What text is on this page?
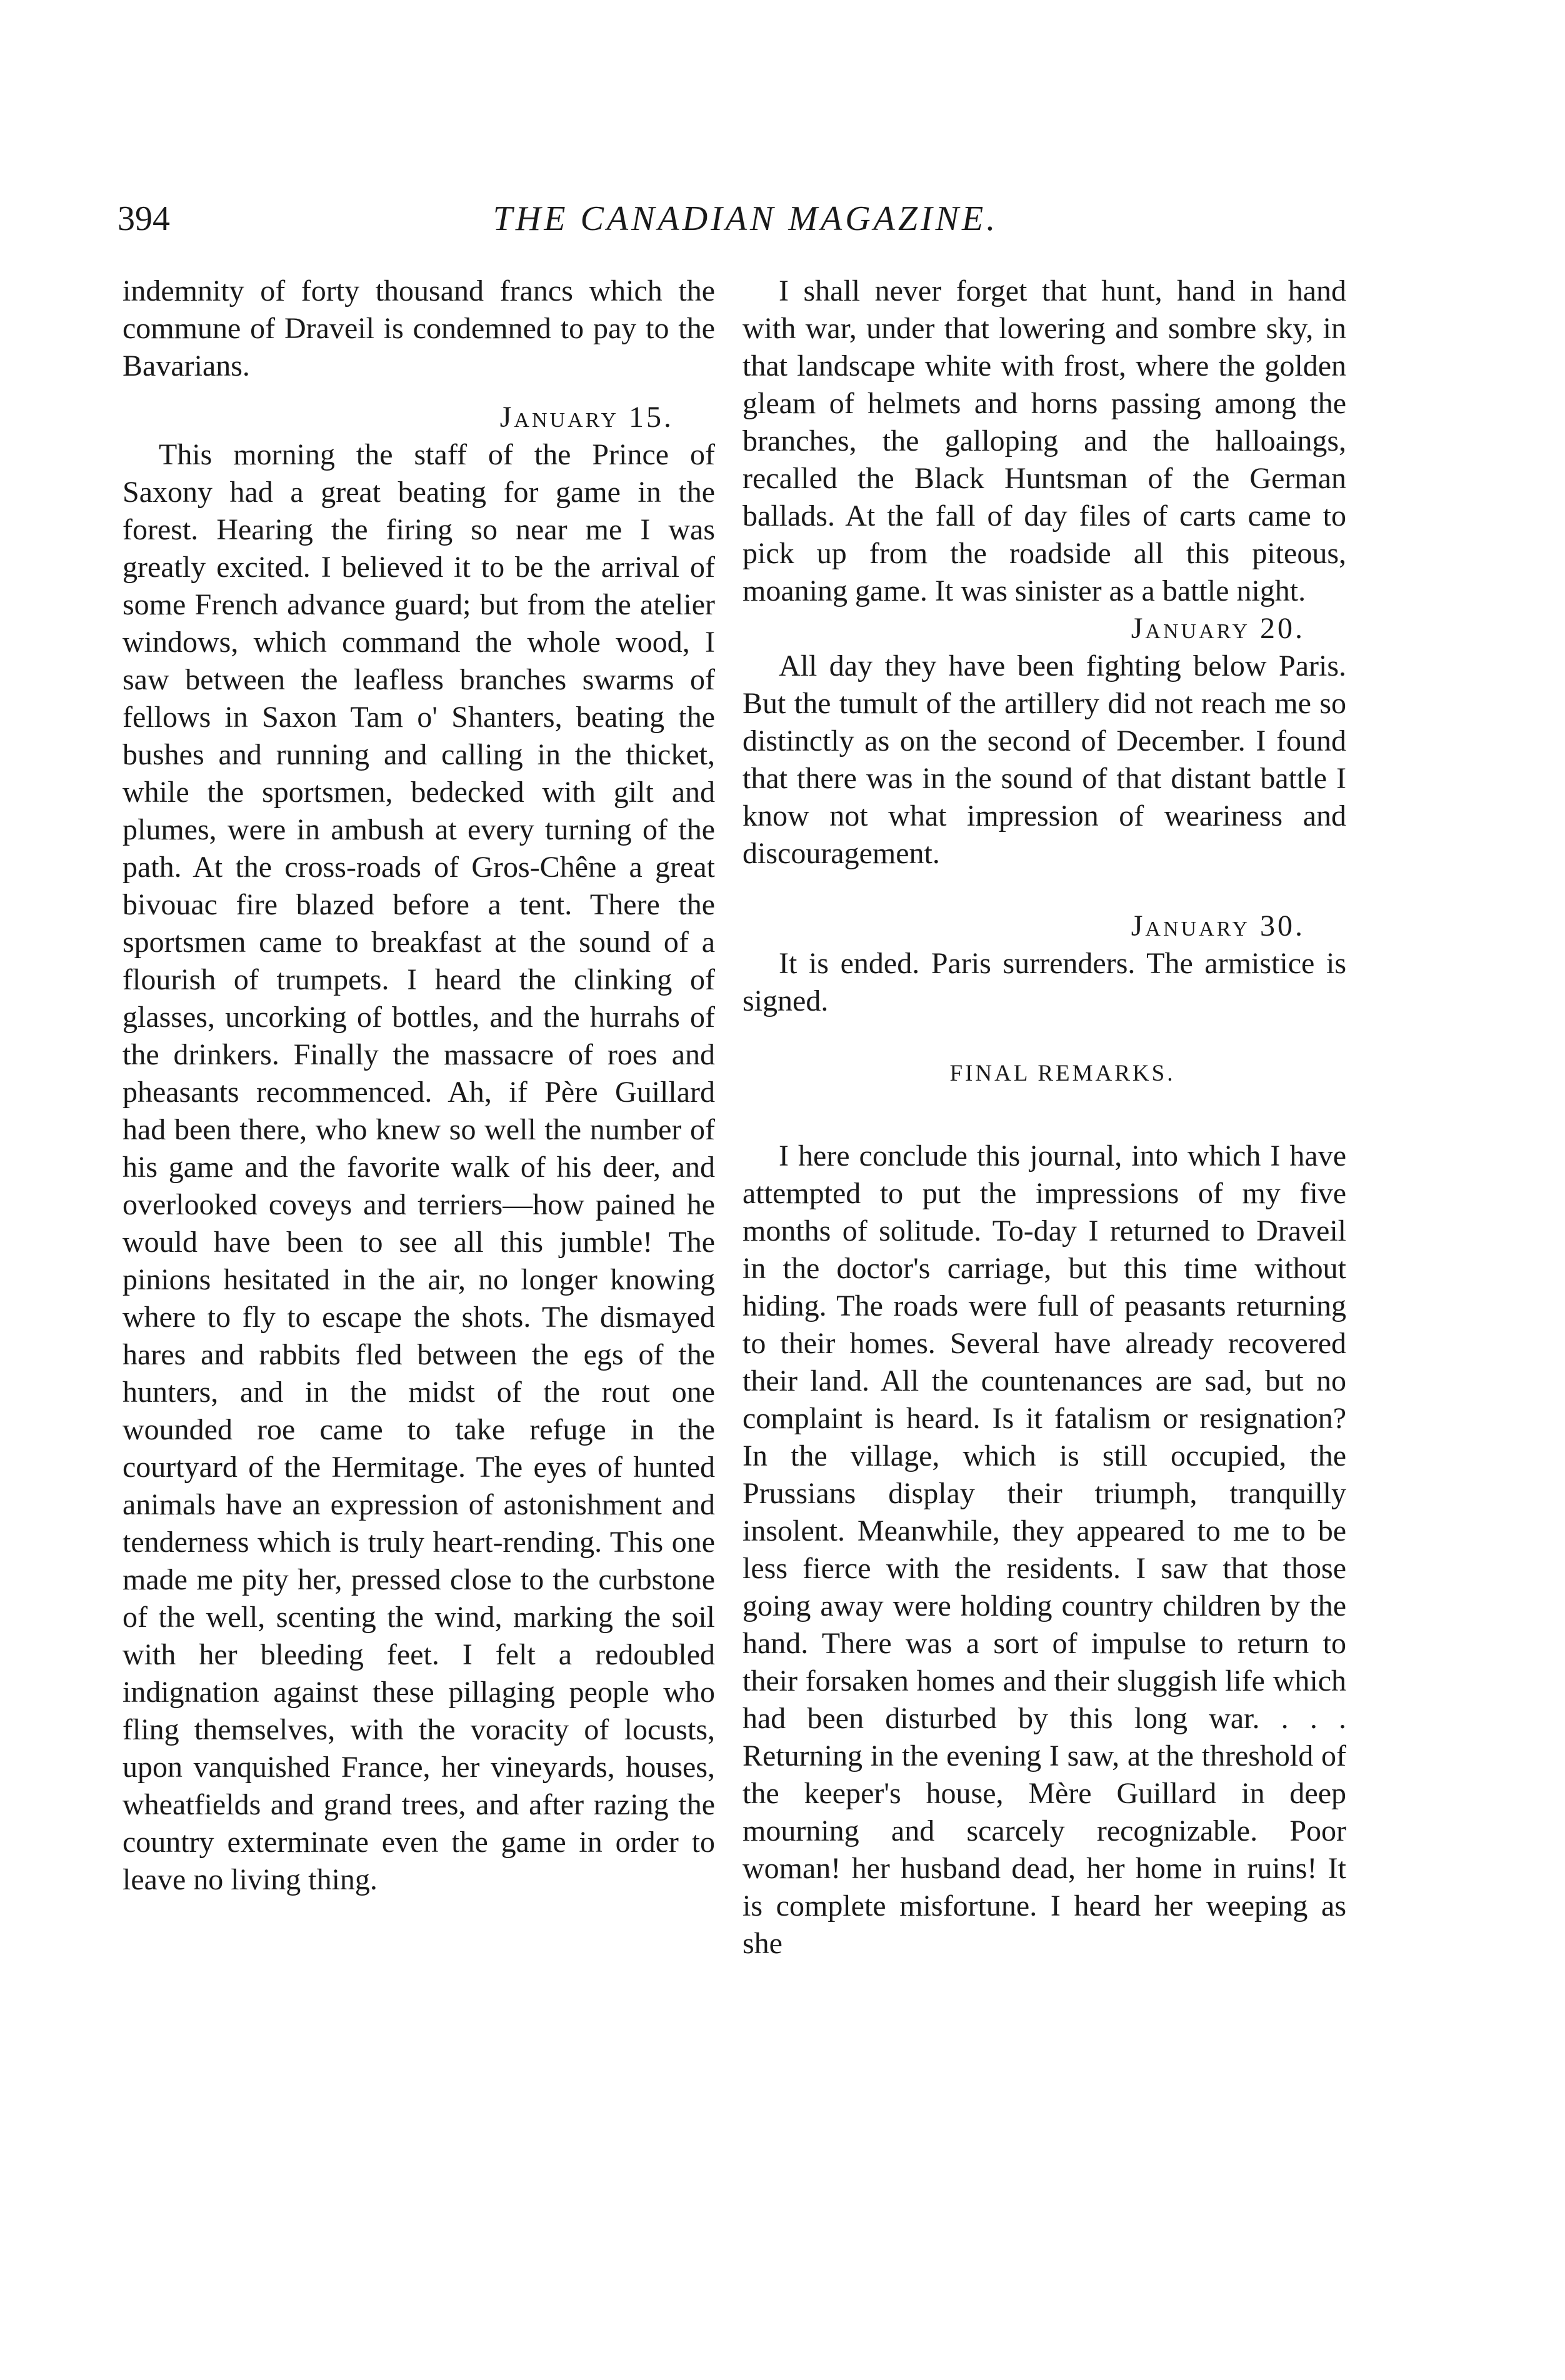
394	THE CANADIAN MAGAZINE.

indemnity of forty thousand francs which the commune of Draveil is condemned to pay to the Bavarians.

January 15.

This morning the staff of the Prince of Saxony had a great beating for game in the forest. Hearing the firing so near me I was greatly excited. I believed it to be the arrival of some French advance guard; but from the atelier windows, which command the whole wood, I saw between the leafless branches swarms of fellows in Saxon Tam o' Shanters, beating the bushes and running and calling in the thicket, while the sportsmen, bedecked with gilt and plumes, were in ambush at every turning of the path. At the cross-roads of Gros-Chêne a great bivouac fire blazed before a tent. There the sportsmen came to breakfast at the sound of a flourish of trumpets. I heard the clinking of glasses, uncorking of bottles, and the hurrahs of the drinkers. Finally the massacre of roes and pheasants recommenced. Ah, if Père Guillard had been there, who knew so well the number of his game and the favorite walk of his deer, and overlooked coveys and terriers—how pained he would have been to see all this jumble! The pinions hesitated in the air, no longer knowing where to fly to escape the shots. The dismayed hares and rabbits fled between the egs of the hunters, and in the midst of the rout one wounded roe came to take refuge in the courtyard of the Hermitage. The eyes of hunted animals have an expression of astonishment and tenderness which is truly heart-rending. This one made me pity her, pressed close to the curbstone of the well, scenting the wind, marking the soil with her bleeding feet. I felt a redoubled indignation against these pillaging people who fling themselves, with the voracity of locusts, upon vanquished France, her vineyards, houses, wheatfields and grand trees, and after razing the country exterminate even the game in order to leave no living thing.

I shall never forget that hunt, hand in hand with war, under that lowering and sombre sky, in that landscape white with frost, where the golden gleam of helmets and horns passing among the branches, the galloping and the halloaings, recalled the Black Huntsman of the German ballads. At the fall of day files of carts came to pick up from the roadside all this piteous, moaning game. It was sinister as a battle night.

January 20.

All day they have been fighting below Paris. But the tumult of the artillery did not reach me so distinctly as on the second of December. I found that there was in the sound of that distant battle I know not what impression of weariness and discouragement.

January 30.

It is ended. Paris surrenders. The armistice is signed.

FINAL REMARKS.

I here conclude this journal, into which I have attempted to put the impressions of my five months of solitude. To-day I returned to Draveil in the doctor's carriage, but this time without hiding. The roads were full of peasants returning to their homes. Several have already recovered their land. All the countenances are sad, but no complaint is heard. Is it fatalism or resignation? In the village, which is still occupied, the Prussians display their triumph, tranquilly insolent. Meanwhile, they appeared to me to be less fierce with the residents. I saw that those going away were holding country children by the hand. There was a sort of impulse to return to their forsaken homes and their sluggish life which had been disturbed by this long war. . . . Returning in the evening I saw, at the threshold of the keeper's house, Mère Guillard in deep mourning and scarcely recognizable. Poor woman! her husband dead, her home in ruins! It is complete misfortune. I heard her weeping as she
